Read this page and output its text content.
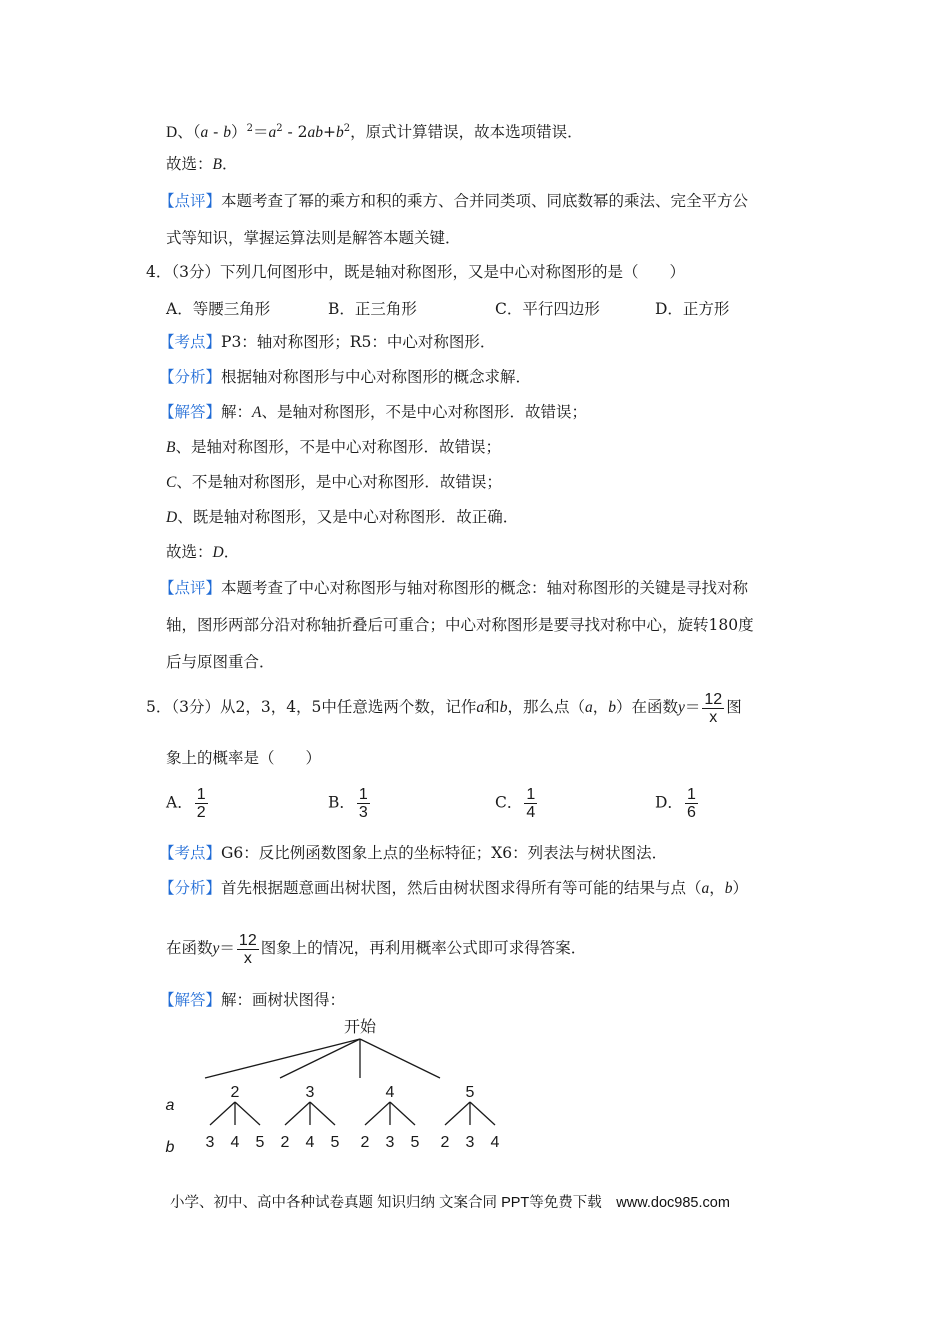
D、$(a - b)^2=a^2 - 2ab+b^2$，原式计算错误，故本选项错误．
故选：B．
【点评】本题考查了幂的乘方和积的乘方、合并同类项、同底数幂的乘法、完全平方公
式等知识，掌握运算法则是解答本题关键．
4．（3分）下列几何图形中，既是轴对称图形，又是中心对称图形的是（　　）
A．等腰三角形	B．正三角形	C．平行四边形	D．正方形
【考点】P3：轴对称图形；R5：中心对称图形．
【分析】根据轴对称图形与中心对称图形的概念求解．
【解答】解：A、是轴对称图形，不是中心对称图形．故错误；
B、是轴对称图形，不是中心对称图形．故错误；
C、不是轴对称图形，是中心对称图形．故错误；
D、既是轴对称图形，又是中心对称图形．故正确．
故选：D．
【点评】本题考查了中心对称图形与轴对称图形的概念：轴对称图形的关键是寻找对称
轴，图形两部分沿对称轴折叠后可重合；中心对称图形是要寻找对称中心，旋转180度
后与原图重合．
5．（3分）从2，3，4，5中任意选两个数，记作a和b，那么点（a，b）在函数$y= \frac{12}{x}$ 图
象上的概率是（　　）
A． $\frac{1}{2}$	B． $\frac{1}{3}$	C． $\frac{1}{4}$	D． $\frac{1}{6}$
【考点】G6：反比例函数图象上点的坐标特征；X6：列表法与树状图法．
【分析】首先根据题意画出树状图，然后由树状图求得所有等可能的结果与点（a，b）
在函数$y= \frac{12}{x}$ 图象上的情况，再利用概率公式即可求得答案．
【解答】解：画树状图得：
开始
a
b
2
3 4 5
3
2 4 5
4
2 3 5
5
2 3 4
小学、初中、高中各种试卷真题 知识归纳 文案合同 PPT等免费下载　www.doc985.com
